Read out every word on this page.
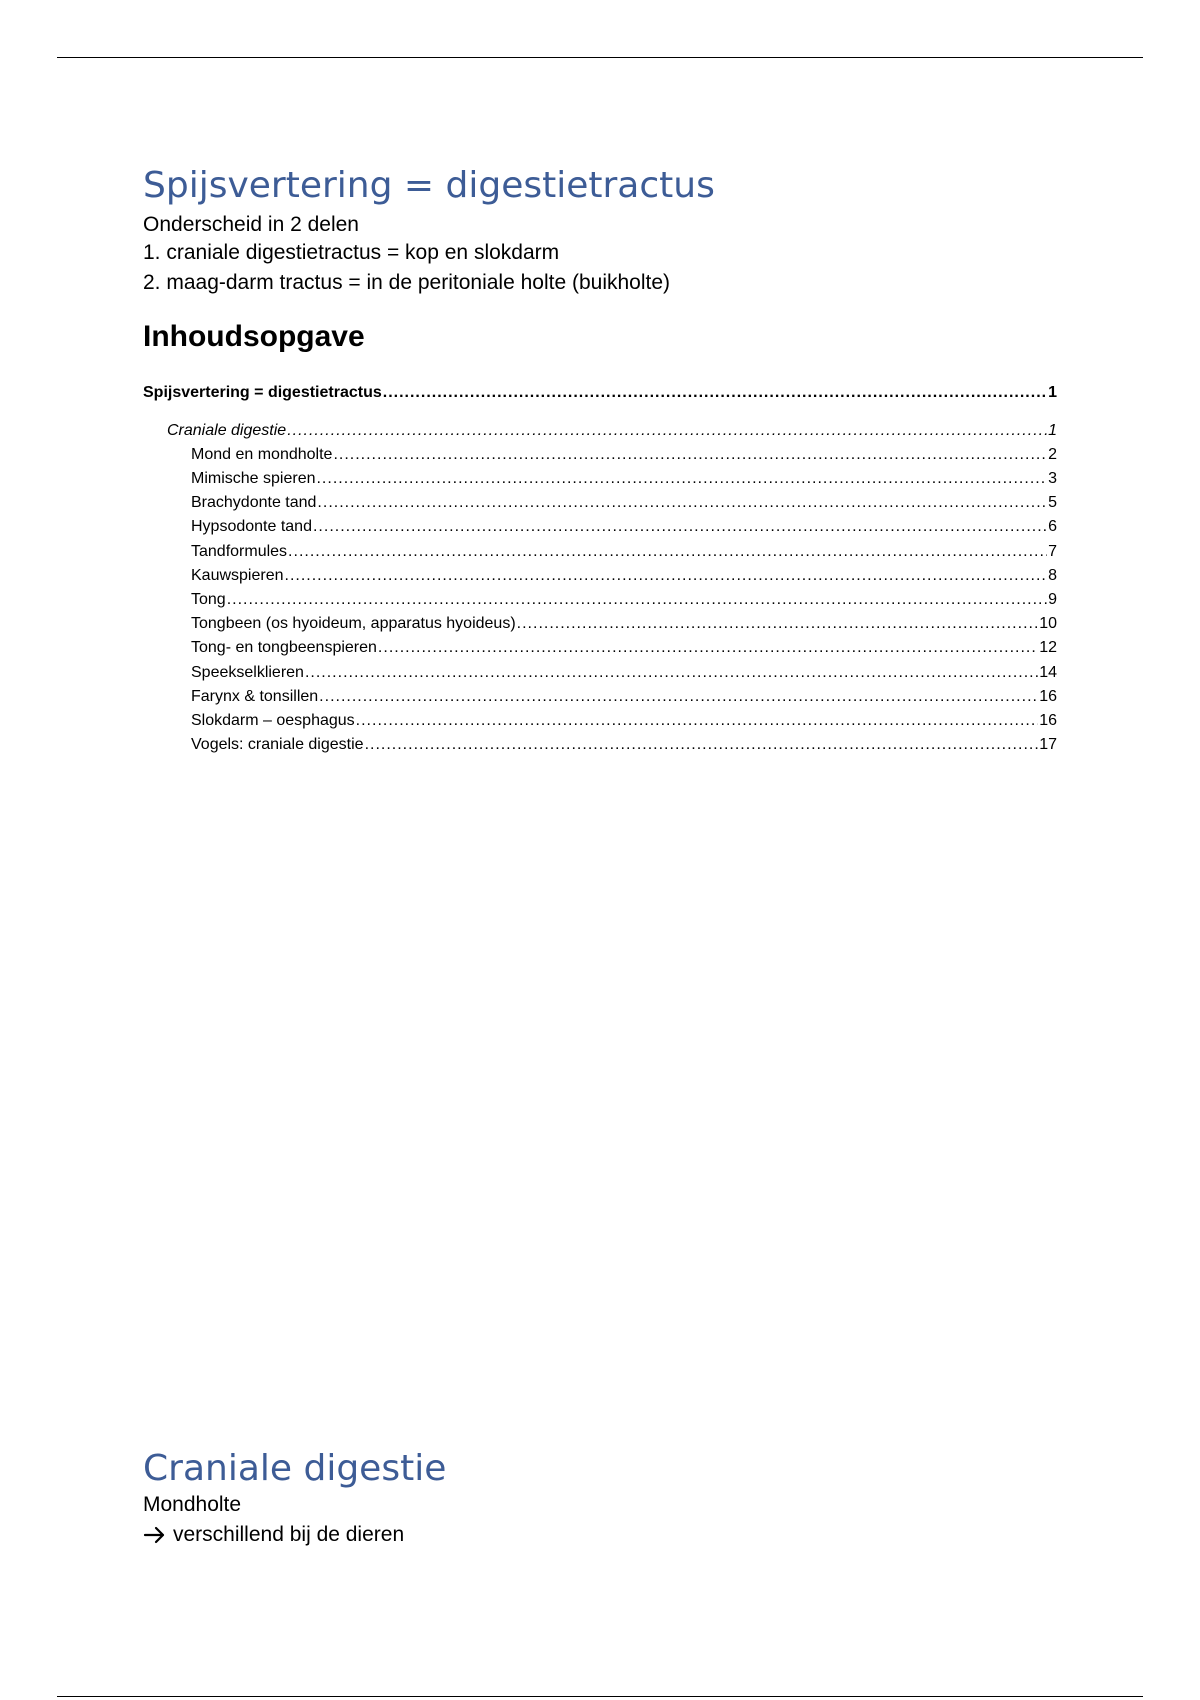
Spijsvertering = digestietractus
Onderscheid in 2 delen
1. craniale digestietractus = kop en slokdarm
2. maag-darm tractus = in de peritoniale holte (buikholte)
Inhoudsopgave
Spijsvertering = digestietractus .....	1
Craniale digestie .....	1
Mond en mondholte .....	2
Mimische spieren .....	3
Brachydonte tand .....	5
Hypsodonte tand .....	6
Tandformules .....	7
Kauwspieren .....	8
Tong .....	9
Tongbeen (os hyoideum, apparatus hyoideus) .....	10
Tong- en tongbeenspieren .....	12
Speekselklieren .....	14
Farynx & tonsillen .....	16
Slokdarm – oesphagus .....	16
Vogels: craniale digestie .....	17
Craniale digestie
Mondholte
verschillend bij de dieren
